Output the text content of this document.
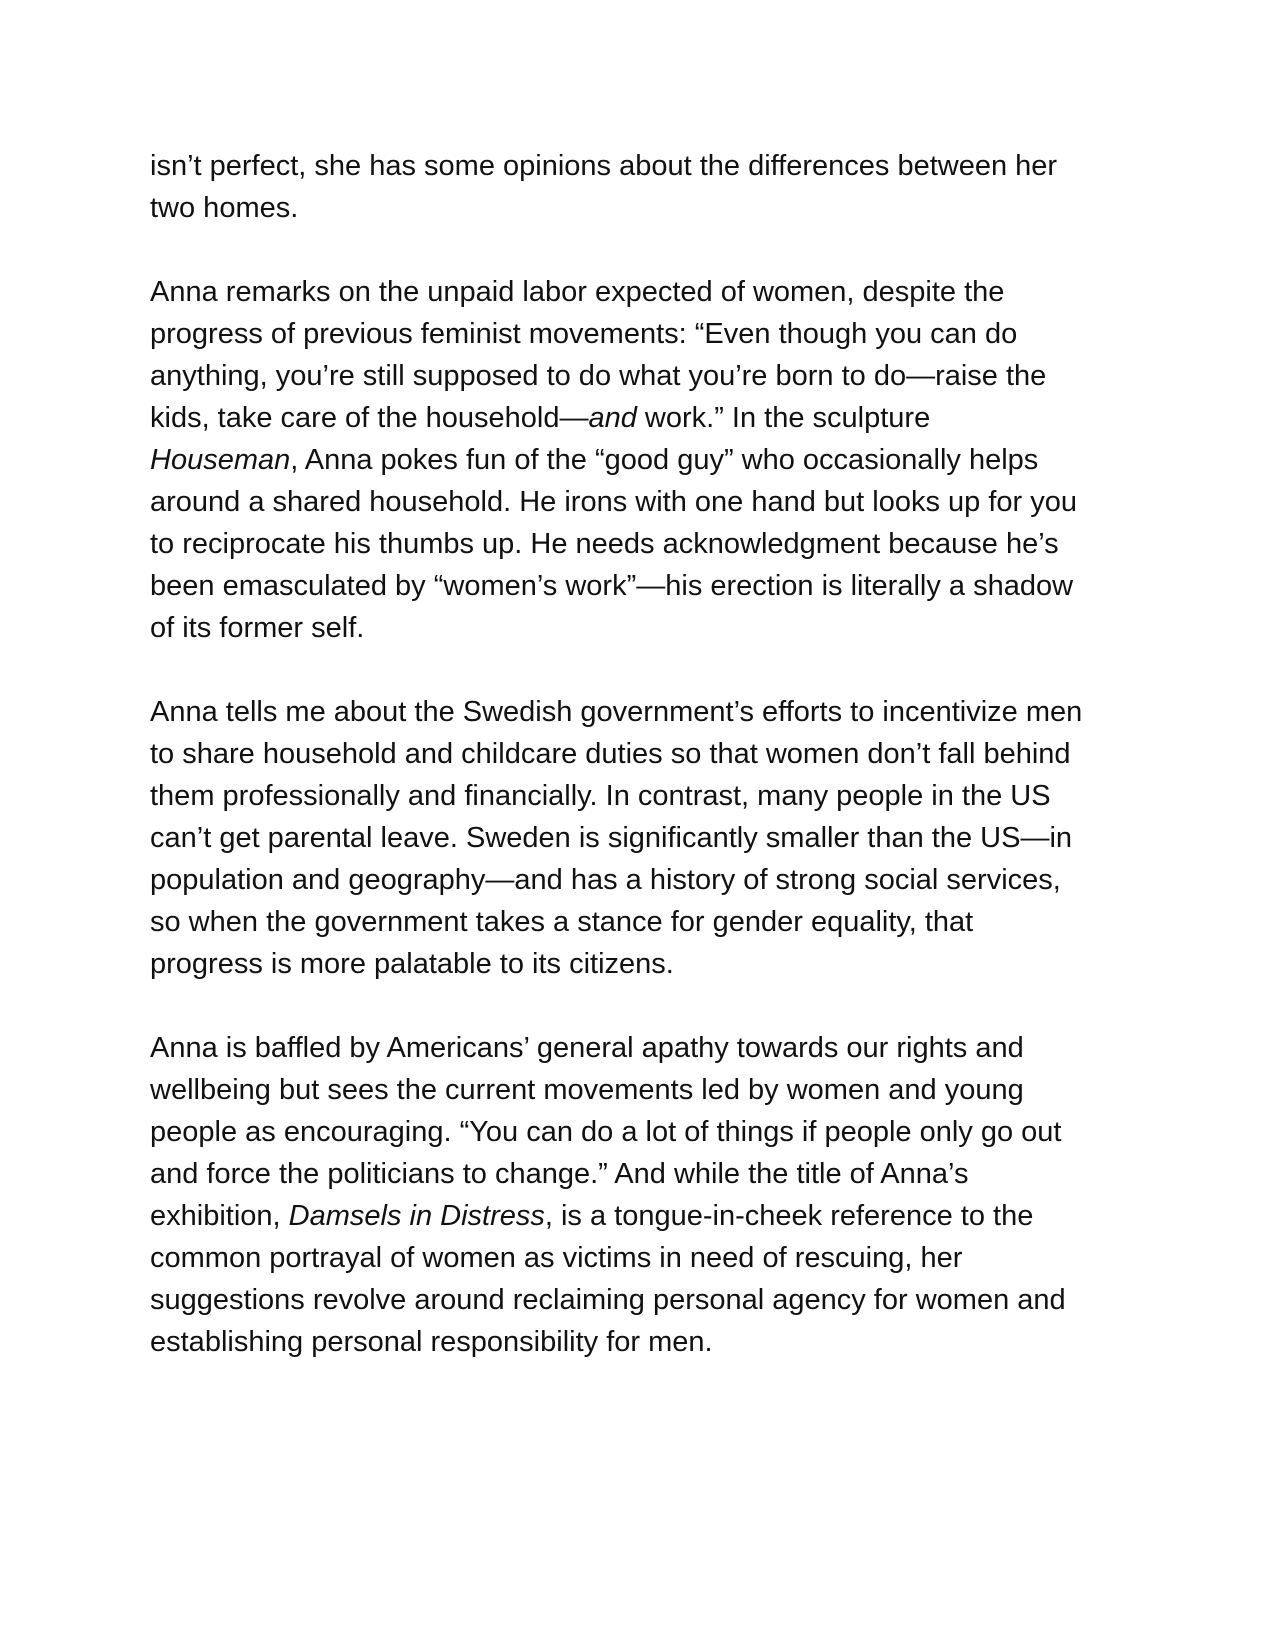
isn’t perfect, she has some opinions about the differences between her
two homes.

Anna remarks on the unpaid labor expected of women, despite the
progress of previous feminist movements: “Even though you can do
anything, you’re still supposed to do what you’re born to do—raise the
kids, take care of the household—and work.” In the sculpture
Houseman, Anna pokes fun of the “good guy” who occasionally helps
around a shared household. He irons with one hand but looks up for you
to reciprocate his thumbs up. He needs acknowledgment because he’s
been emasculated by “women’s work”—his erection is literally a shadow
of its former self.

Anna tells me about the Swedish government’s efforts to incentivize men
to share household and childcare duties so that women don’t fall behind
them professionally and financially. In contrast, many people in the US
can’t get parental leave. Sweden is significantly smaller than the US—in
population and geography—and has a history of strong social services,
so when the government takes a stance for gender equality, that
progress is more palatable to its citizens.

Anna is baffled by Americans’ general apathy towards our rights and
wellbeing but sees the current movements led by women and young
people as encouraging. “You can do a lot of things if people only go out
and force the politicians to change.” And while the title of Anna’s
exhibition, Damsels in Distress, is a tongue-in-cheek reference to the
common portrayal of women as victims in need of rescuing, her
suggestions revolve around reclaiming personal agency for women and
establishing personal responsibility for men.
